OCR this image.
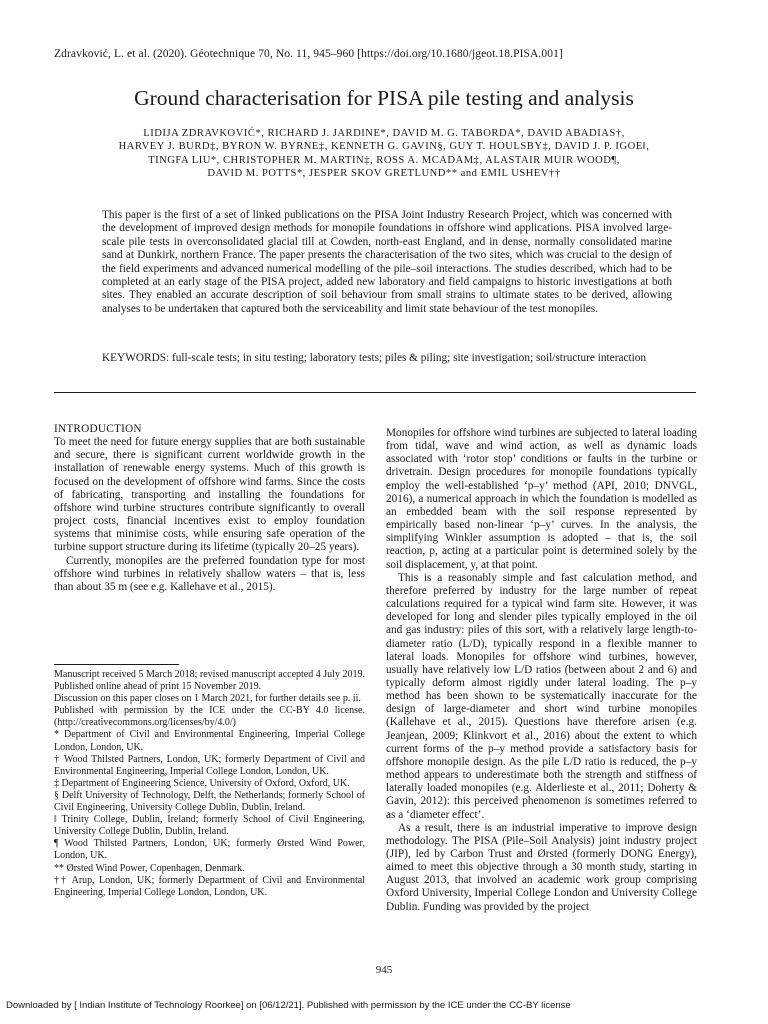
Zdravković, L. et al. (2020). Géotechnique 70, No. 11, 945–960 [https://doi.org/10.1680/jgeot.18.PISA.001]
Ground characterisation for PISA pile testing and analysis
LIDIJA ZDRAVKOVIĆ*, RICHARD J. JARDINE*, DAVID M. G. TABORDA*, DAVID ABADIAS†,
HARVEY J. BURD‡, BYRON W. BYRNE‡, KENNETH G. GAVIN§, GUY T. HOULSBY‡, DAVID J. P. IGOE‖,
TINGFA LIU*, CHRISTOPHER M. MARTIN‡, ROSS A. MCADAM‡, ALASTAIR MUIR WOOD¶,
DAVID M. POTTS*, JESPER SKOV GRETLUND** and EMIL USHEV††
This paper is the first of a set of linked publications on the PISA Joint Industry Research Project, which was concerned with the development of improved design methods for monopile foundations in offshore wind applications. PISA involved large-scale pile tests in overconsolidated glacial till at Cowden, north-east England, and in dense, normally consolidated marine sand at Dunkirk, northern France. The paper presents the characterisation of the two sites, which was crucial to the design of the field experiments and advanced numerical modelling of the pile–soil interactions. The studies described, which had to be completed at an early stage of the PISA project, added new laboratory and field campaigns to historic investigations at both sites. They enabled an accurate description of soil behaviour from small strains to ultimate states to be derived, allowing analyses to be undertaken that captured both the serviceability and limit state behaviour of the test monopiles.
KEYWORDS: full-scale tests; in situ testing; laboratory tests; piles & piling; site investigation; soil/structure interaction

INTRODUCTION

To meet the need for future energy supplies that are both sustainable and secure, there is significant current worldwide growth in the installation of renewable energy systems. Much of this growth is focused on the development of offshore wind farms. Since the costs of fabricating, transporting and installing the foundations for offshore wind turbine structures contribute significantly to overall project costs, financial incentives exist to employ foundation systems that minimise costs, while ensuring safe operation of the turbine support structure during its lifetime (typically 20–25 years).

Currently, monopiles are the preferred foundation type for most offshore wind turbines in relatively shallow waters – that is, less than about 35 m (see e.g. Kallehave et al., 2015).

Manuscript received 5 March 2018; revised manuscript accepted 4 July 2019. Published online ahead of print 15 November 2019.

Discussion on this paper closes on 1 March 2021, for further details see p. ii.

Published with permission by the ICE under the CC-BY 4.0 license. (http://creativecommons.org/licenses/by/4.0/)

* Department of Civil and Environmental Engineering, Imperial College London, London, UK.

† Wood Thilsted Partners, London, UK; formerly Department of Civil and Environmental Engineering, Imperial College London, London, UK.

‡ Department of Engineering Science, University of Oxford, Oxford, UK.

§ Delft University of Technology, Delft, the Netherlands; formerly School of Civil Engineering, University College Dublin, Dublin, Ireland.

‖ Trinity College, Dublin, Ireland; formerly School of Civil Engineering, University College Dublin, Dublin, Ireland.

¶ Wood Thilsted Partners, London, UK; formerly Ørsted Wind Power, London, UK.

** Ørsted Wind Power, Copenhagen, Denmark.

†† Arup, London, UK; formerly Department of Civil and Environmental Engineering, Imperial College London, London, UK.

Monopiles for offshore wind turbines are subjected to lateral loading from tidal, wave and wind action, as well as dynamic loads associated with ‘rotor stop’ conditions or faults in the turbine or drivetrain. Design procedures for monopile foundations typically employ the well-established ‘p–y’ method (API, 2010; DNVGL, 2016), a numerical approach in which the foundation is modelled as an embedded beam with the soil response represented by empirically based non-linear ‘p–y’ curves. In the analysis, the simplifying Winkler assumption is adopted – that is, the soil reaction, p, acting at a particular point is determined solely by the soil displacement, y, at that point.

This is a reasonably simple and fast calculation method, and therefore preferred by industry for the large number of repeat calculations required for a typical wind farm site. However, it was developed for long and slender piles typically employed in the oil and gas industry: piles of this sort, with a relatively large length-to-diameter ratio (L/D), typically respond in a flexible manner to lateral loads. Monopiles for offshore wind turbines, however, usually have relatively low L/D ratios (between about 2 and 6) and typically deform almost rigidly under lateral loading. The p–y method has been shown to be systematically inaccurate for the design of large-diameter and short wind turbine monopiles (Kallehave et al., 2015). Questions have therefore arisen (e.g. Jeanjean, 2009; Klinkvort et al., 2016) about the extent to which current forms of the p–y method provide a satisfactory basis for offshore monopile design. As the pile L/D ratio is reduced, the p–y method appears to underestimate both the strength and stiffness of laterally loaded monopiles (e.g. Alderlieste et al., 2011; Doherty & Gavin, 2012): this perceived phenomenon is sometimes referred to as a ‘diameter effect’.

As a result, there is an industrial imperative to improve design methodology. The PISA (Pile–Soil Analysis) joint industry project (JIP), led by Carbon Trust and Ørsted (formerly DONG Energy), aimed to meet this objective through a 30 month study, starting in August 2013, that involved an academic work group comprising Oxford University, Imperial College London and University College Dublin. Funding was provided by the project

945
Downloaded by [ Indian Institute of Technology Roorkee] on [06/12/21]. Published with permission by the ICE under the CC-BY license
